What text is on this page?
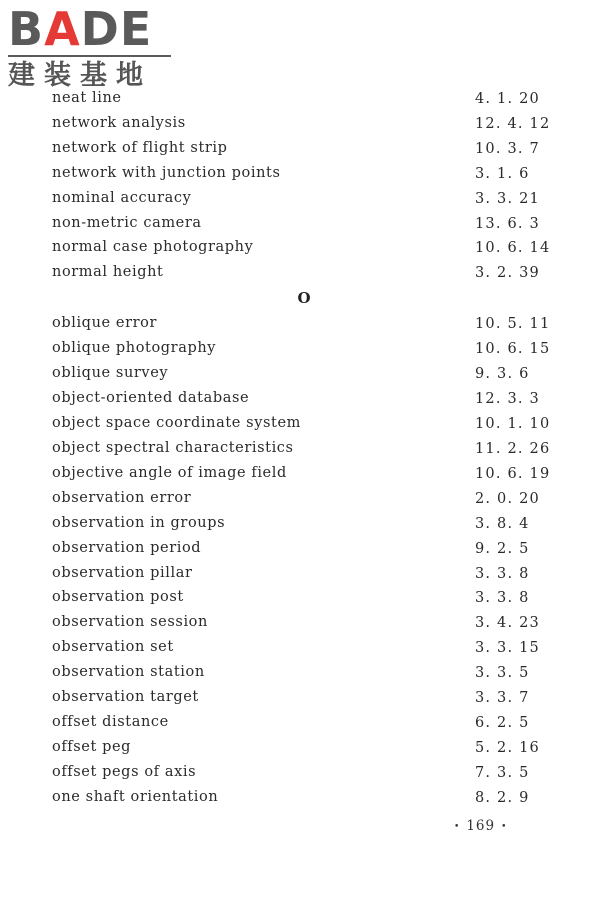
BADE
建装基地
neat line	4. 1. 20
network analysis	12. 4. 12
network of flight strip	10. 3. 7
network with junction points	3. 1. 6
nominal accuracy	3. 3. 21
non-metric camera	13. 6. 3
normal case photography	10. 6. 14
normal height	3. 2. 39
O
oblique error	10. 5. 11
oblique photography	10. 6. 15
oblique survey	9. 3. 6
object-oriented database	12. 3. 3
object space coordinate system	10. 1. 10
object spectral characteristics	11. 2. 26
objective angle of image field	10. 6. 19
observation error	2. 0. 20
observation in groups	3. 8. 4
observation period	9. 2. 5
observation pillar	3. 3. 8
observation post	3. 3. 8
observation session	3. 4. 23
observation set	3. 3. 15
observation station	3. 3. 5
observation target	3. 3. 7
offset distance	6. 2. 5
offset peg	5. 2. 16
offset pegs of axis	7. 3. 5
one shaft orientation	8. 2. 9
• 169 •
